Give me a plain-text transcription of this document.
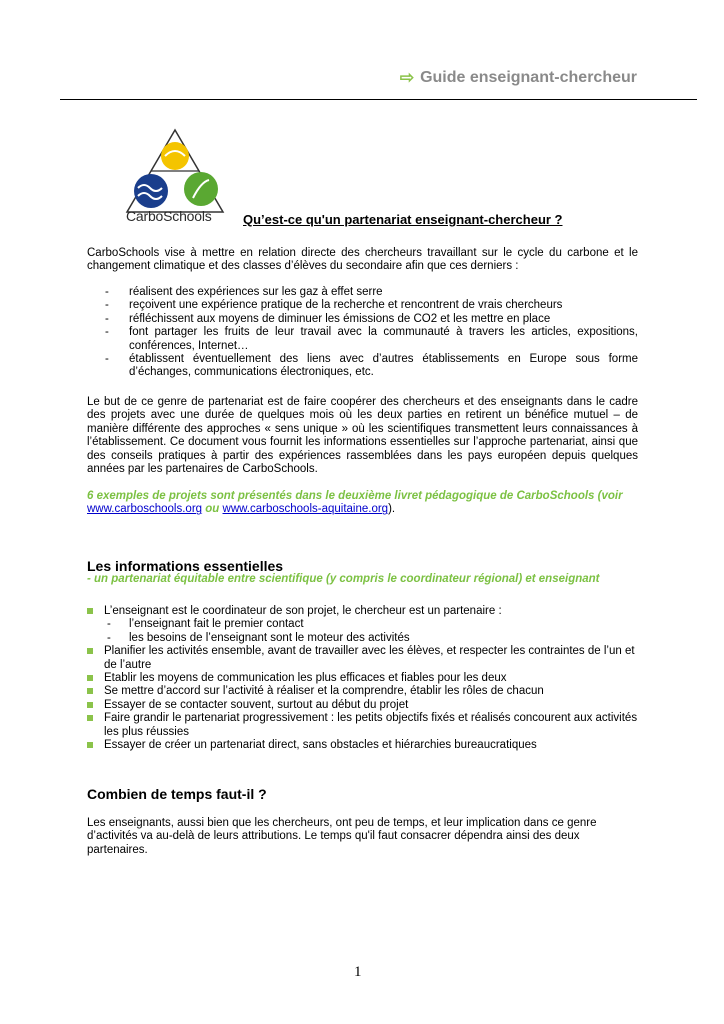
⇨ Guide enseignant-chercheur
CarboSchools Qu’est-ce qu'un partenariat enseignant-chercheur ?

CarboSchools vise à mettre en relation directe des chercheurs travaillant sur le cycle du carbone et le changement climatique et des classes d’élèves du secondaire afin que ces derniers :

- réalisent des expériences sur les gaz à effet serre
- reçoivent une expérience pratique de la recherche et rencontrent de vrais chercheurs
- réfléchissent aux moyens de diminuer les émissions de CO2 et les mettre en place
- font partager les fruits de leur travail avec la communauté à travers les articles, expositions, conférences, Internet…
- établissent éventuellement des liens avec d’autres établissements en Europe sous forme d’échanges, communications électroniques, etc.

Le but de ce genre de partenariat est de faire coopérer des chercheurs et des enseignants dans le cadre des projets avec une durée de quelques mois où les deux parties en retirent un bénéfice mutuel – de manière différente des approches « sens unique » où les scientifiques transmettent leurs connaissances à l’établissement. Ce document vous fournit les informations essentielles sur l’approche partenariat, ainsi que des conseils pratiques à partir des expériences rassemblées dans les pays européen depuis quelques années par les partenaires de CarboSchools.

6 exemples de projets sont présentés dans le deuxième livret pédagogique de CarboSchools (voir www.carboschools.org ou www.carboschools-aquitaine.org).

Les informations essentielles
- un partenariat équitable entre scientifique (y compris le coordinateur régional) et enseignant
L’enseignant est le coordinateur de son projet, le chercheur est un partenaire :
- l’enseignant fait le premier contact
- les besoins de l’enseignant sont le moteur des activités
Planifier les activités ensemble, avant de travailler avec les élèves, et respecter les contraintes de l’un et de l’autre
Etablir les moyens de communication les plus efficaces et fiables pour les deux
Se mettre d’accord sur l’activité à réaliser et la comprendre, établir les rôles de chacun
Essayer de se contacter souvent, surtout au début du projet
Faire grandir le partenariat progressivement : les petits objectifs fixés et réalisés concourent aux activités les plus réussies
Essayer de créer un partenariat direct, sans obstacles et hiérarchies bureaucratiques
Combien de temps faut-il ?

Les enseignants, aussi bien que les chercheurs, ont peu de temps, et leur implication dans ce genre d’activités va au-delà de leurs attributions. Le temps qu'il faut consacrer dépendra ainsi des deux partenaires.

1
